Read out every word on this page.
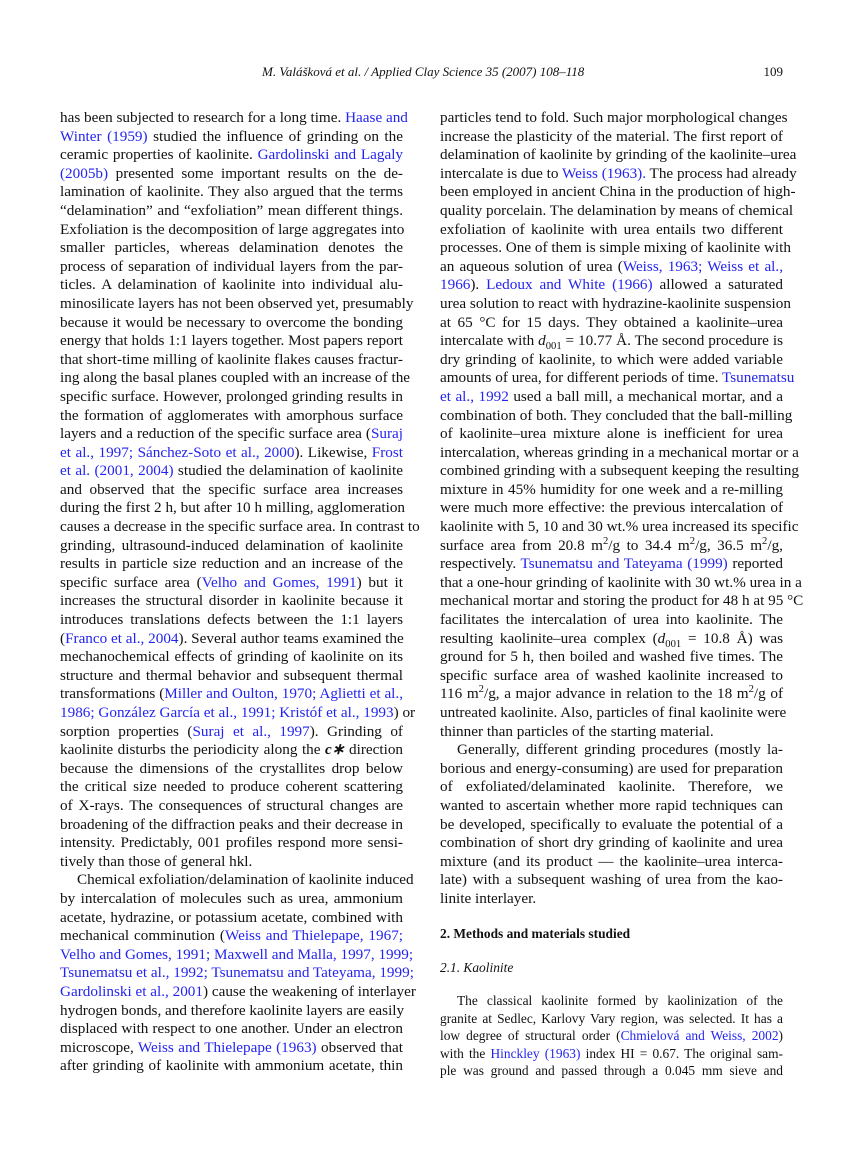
M. Valášková et al. / Applied Clay Science 35 (2007) 108–118	109
has been subjected to research for a long time. Haase and
Winter (1959) studied the influence of grinding on the
ceramic properties of kaolinite. Gardolinski and Lagaly
(2005b) presented some important results on the de-
lamination of kaolinite. They also argued that the terms
“delamination” and “exfoliation” mean different things.
Exfoliation is the decomposition of large aggregates into
smaller particles, whereas delamination denotes the
process of separation of individual layers from the par-
ticles. A delamination of kaolinite into individual alu-
minosilicate layers has not been observed yet, presumably
because it would be necessary to overcome the bonding
energy that holds 1:1 layers together. Most papers report
that short-time milling of kaolinite flakes causes fractur-
ing along the basal planes coupled with an increase of the
specific surface. However, prolonged grinding results in
the formation of agglomerates with amorphous surface
layers and a reduction of the specific surface area (Suraj
et al., 1997; Sánchez-Soto et al., 2000). Likewise, Frost
et al. (2001, 2004) studied the delamination of kaolinite
and observed that the specific surface area increases
during the first 2 h, but after 10 h milling, agglomeration
causes a decrease in the specific surface area. In contrast to
grinding, ultrasound-induced delamination of kaolinite
results in particle size reduction and an increase of the
specific surface area (Velho and Gomes, 1991) but it
increases the structural disorder in kaolinite because it
introduces translations defects between the 1:1 layers
(Franco et al., 2004). Several author teams examined the
mechanochemical effects of grinding of kaolinite on its
structure and thermal behavior and subsequent thermal
transformations (Miller and Oulton, 1970; Aglietti et al.,
1986; González García et al., 1991; Kristóf et al., 1993) or
sorption properties (Suraj et al., 1997). Grinding of
kaolinite disturbs the periodicity along the c∗ direction
because the dimensions of the crystallites drop below
the critical size needed to produce coherent scattering
of X-rays. The consequences of structural changes are
broadening of the diffraction peaks and their decrease in
intensity. Predictably, 001 profiles respond more sensi-
tively than those of general hkl.
Chemical exfoliation/delamination of kaolinite induced
by intercalation of molecules such as urea, ammonium
acetate, hydrazine, or potassium acetate, combined with
mechanical comminution (Weiss and Thielepape, 1967;
Velho and Gomes, 1991; Maxwell and Malla, 1997, 1999;
Tsunematsu et al., 1992; Tsunematsu and Tateyama, 1999;
Gardolinski et al., 2001) cause the weakening of interlayer
hydrogen bonds, and therefore kaolinite layers are easily
displaced with respect to one another. Under an electron
microscope, Weiss and Thielepape (1963) observed that
after grinding of kaolinite with ammonium acetate, thin
particles tend to fold. Such major morphological changes
increase the plasticity of the material. The first report of
delamination of kaolinite by grinding of the kaolinite–urea
intercalate is due to Weiss (1963). The process had already
been employed in ancient China in the production of high-
quality porcelain. The delamination by means of chemical
exfoliation of kaolinite with urea entails two different
processes. One of them is simple mixing of kaolinite with
an aqueous solution of urea (Weiss, 1963; Weiss et al.,
1966). Ledoux and White (1966) allowed a saturated
urea solution to react with hydrazine-kaolinite suspension
at 65 °C for 15 days. They obtained a kaolinite–urea
intercalate with $d_{001} = 10.77$ Å. The second procedure is
dry grinding of kaolinite, to which were added variable
amounts of urea, for different periods of time. Tsunematsu
et al., 1992 used a ball mill, a mechanical mortar, and a
combination of both. They concluded that the ball-milling
of kaolinite–urea mixture alone is inefficient for urea
intercalation, whereas grinding in a mechanical mortar or a
combined grinding with a subsequent keeping the resulting
mixture in 45% humidity for one week and a re-milling
were much more effective: the previous intercalation of
kaolinite with 5, 10 and 30 wt.% urea increased its specific
surface area from 20.8 $m^2/g$ to 34.4 $m^2/g$, 36.5 $m^2/g$,
respectively. Tsunematsu and Tateyama (1999) reported
that a one-hour grinding of kaolinite with 30 wt.% urea in a
mechanical mortar and storing the product for 48 h at 95 °C
facilitates the intercalation of urea into kaolinite. The
resulting kaolinite–urea complex ($d_{001} = 10.8$ Å) was
ground for 5 h, then boiled and washed five times. The
specific surface area of washed kaolinite increased to
116 $m^2/g$, a major advance in relation to the 18 $m^2/g$ of
untreated kaolinite. Also, particles of final kaolinite were
thinner than particles of the starting material.
Generally, different grinding procedures (mostly la-
borious and energy-consuming) are used for preparation
of exfoliated/delaminated kaolinite. Therefore, we
wanted to ascertain whether more rapid techniques can
be developed, specifically to evaluate the potential of a
combination of short dry grinding of kaolinite and urea
mixture (and its product — the kaolinite–urea interca-
late) with a subsequent washing of urea from the kao-
linite interlayer.
2. Methods and materials studied
2.1. Kaolinite
The classical kaolinite formed by kaolinization of the
granite at Sedlec, Karlovy Vary region, was selected. It has a
low degree of structural order (Chmielová and Weiss, 2002)
with the Hinckley (1963) index HI = 0.67. The original sam-
ple was ground and passed through a 0.045 mm sieve and
